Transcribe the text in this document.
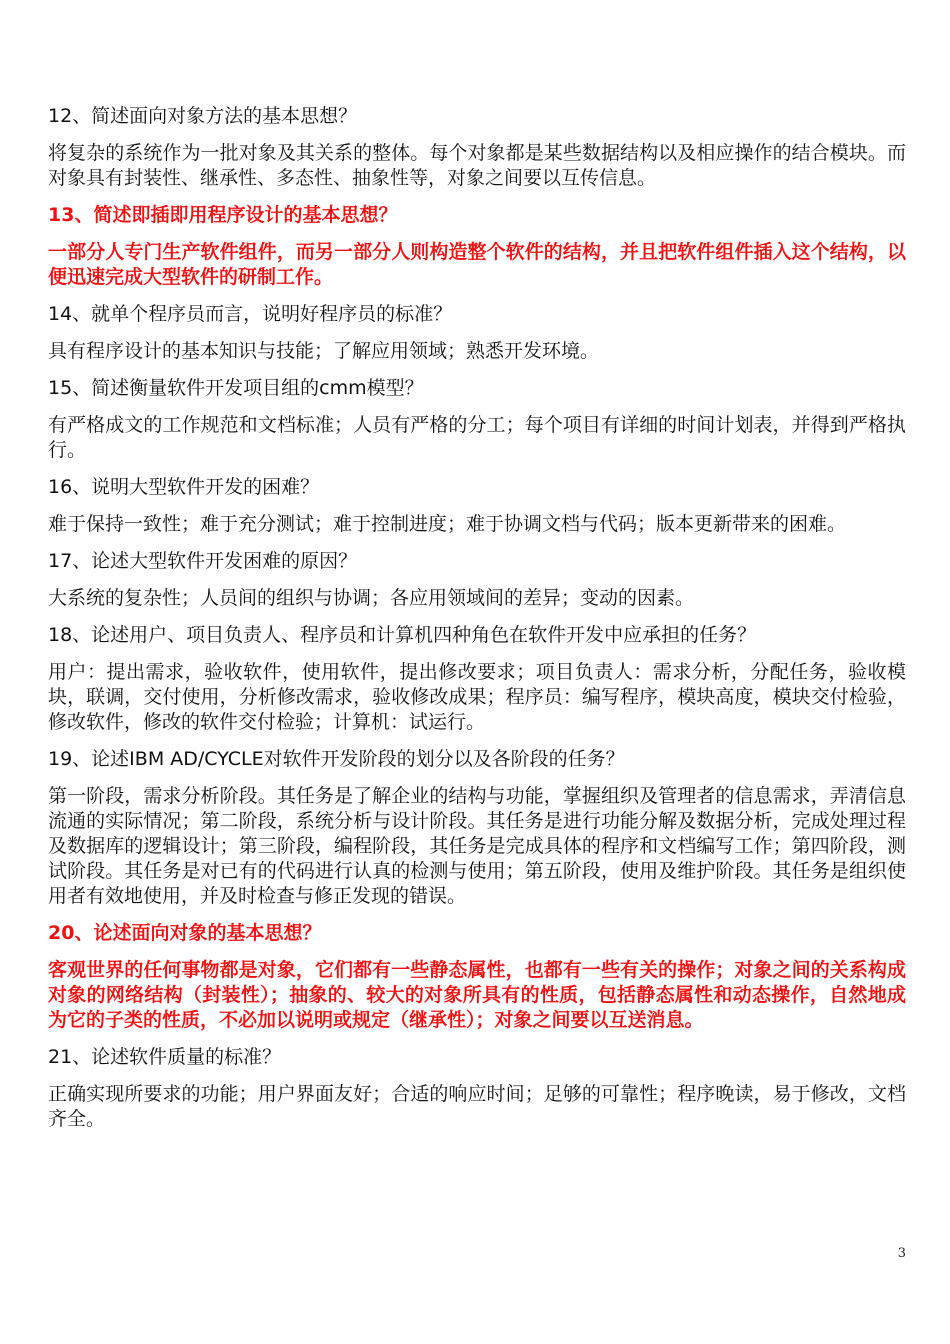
12、简述面向对象方法的基本思想？
将复杂的系统作为一批对象及其关系的整体。每个对象都是某些数据结构以及相应操作的结合模块。而对象具有封装性、继承性、多态性、抽象性等，对象之间要以互传信息。
13、简述即插即用程序设计的基本思想？
一部分人专门生产软件组件，而另一部分人则构造整个软件的结构，并且把软件组件插入这个结构，以便迅速完成大型软件的研制工作。
14、就单个程序员而言，说明好程序员的标准？
具有程序设计的基本知识与技能；了解应用领域；熟悉开发环境。
15、简述衡量软件开发项目组的cmm模型？
有严格成文的工作规范和文档标准；人员有严格的分工；每个项目有详细的时间计划表，并得到严格执行。
16、说明大型软件开发的困难？
难于保持一致性；难于充分测试；难于控制进度；难于协调文档与代码；版本更新带来的困难。
17、论述大型软件开发困难的原因？
大系统的复杂性；人员间的组织与协调；各应用领域间的差异；变动的因素。
18、论述用户、项目负责人、程序员和计算机四种角色在软件开发中应承担的任务？
用户：提出需求，验收软件，使用软件，提出修改要求；项目负责人：需求分析，分配任务，验收模块，联调，交付使用，分析修改需求，验收修改成果；程序员：编写程序，模块高度，模块交付检验，修改软件，修改的软件交付检验；计算机：试运行。
19、论述IBM AD/CYCLE对软件开发阶段的划分以及各阶段的任务？
第一阶段，需求分析阶段。其任务是了解企业的结构与功能，掌握组织及管理者的信息需求，弄清信息流通的实际情况；第二阶段，系统分析与设计阶段。其任务是进行功能分解及数据分析，完成处理过程及数据库的逻辑设计；第三阶段，编程阶段，其任务是完成具体的程序和文档编写工作；第四阶段，测试阶段。其任务是对已有的代码进行认真的检测与使用；第五阶段，使用及维护阶段。其任务是组织使用者有效地使用，并及时检查与修正发现的错误。
20、论述面向对象的基本思想？
客观世界的任何事物都是对象，它们都有一些静态属性，也都有一些有关的操作；对象之间的关系构成对象的网络结构（封装性）；抽象的、较大的对象所具有的性质，包括静态属性和动态操作，自然地成为它的子类的性质，不必加以说明或规定（继承性）；对象之间要以互送消息。
21、论述软件质量的标准？
正确实现所要求的功能；用户界面友好；合适的响应时间；足够的可靠性；程序晚读，易于修改，文档齐全。
3
